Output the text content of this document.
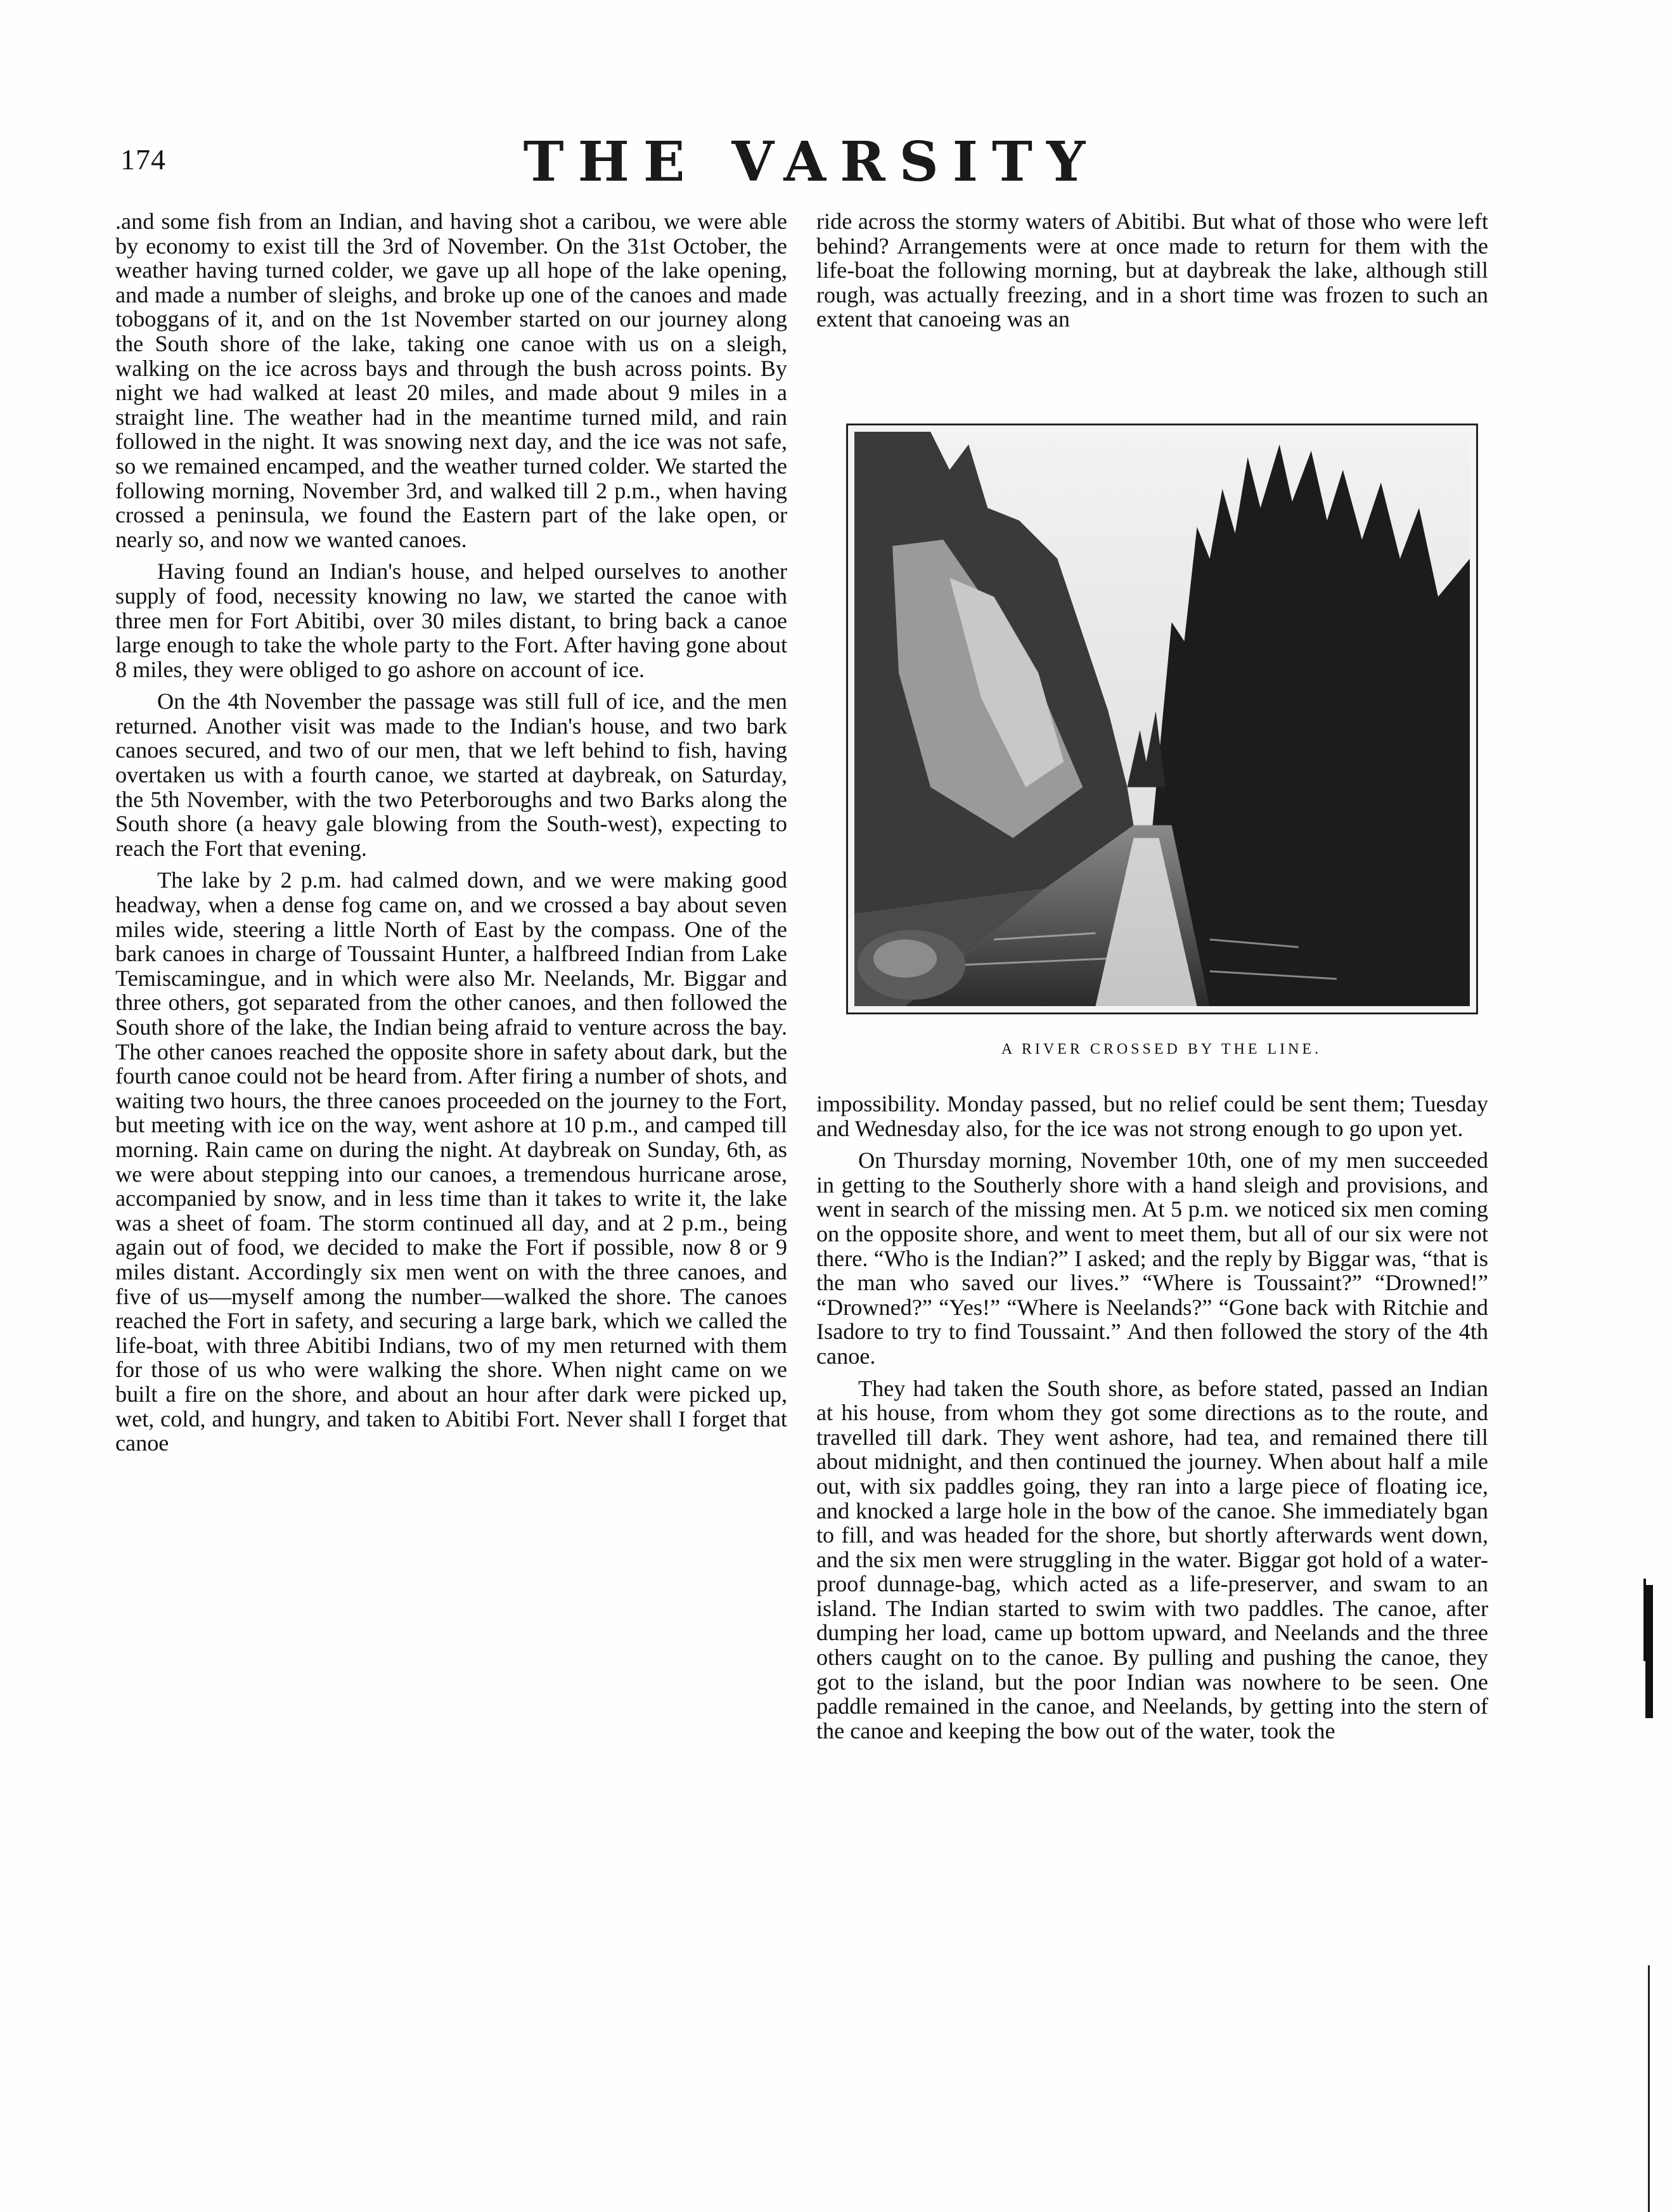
174	THE VARSITY

.and some fish from an Indian, and having shot a caribou, we were able by economy to exist till the 3rd of November. On the 31st October, the weather having turned colder, we gave up all hope of the lake opening, and made a number of sleighs, and broke up one of the canoes and made toboggans of it, and on the 1st November started on our journey along the South shore of the lake, taking one canoe with us on a sleigh, walking on the ice across bays and through the bush across points. By night we had walked at least 20 miles, and made about 9 miles in a straight line. The weather had in the meantime turned mild, and rain followed in the night. It was snowing next day, and the ice was not safe, so we remained encamped, and the weather turned colder. We started the following morning, November 3rd, and walked till 2 p.m., when having crossed a peninsula, we found the Eastern part of the lake open, or nearly so, and now we wanted canoes.

Having found an Indian's house, and helped ourselves to another supply of food, necessity knowing no law, we started the canoe with three men for Fort Abitibi, over 30 miles distant, to bring back a canoe large enough to take the whole party to the Fort. After having gone about 8 miles, they were obliged to go ashore on account of ice.

On the 4th November the passage was still full of ice, and the men returned. Another visit was made to the Indian's house, and two bark canoes secured, and two of our men, that we left behind to fish, having overtaken us with a fourth canoe, we started at daybreak, on Saturday, the 5th November, with the two Peterboroughs and two Barks along the South shore (a heavy gale blowing from the South-west), expecting to reach the Fort that evening.

The lake by 2 p.m. had calmed down, and we were making good headway, when a dense fog came on, and we crossed a bay about seven miles wide, steering a little North of East by the compass. One of the bark canoes in charge of Toussaint Hunter, a halfbreed Indian from Lake Temiscamingue, and in which were also Mr. Neelands, Mr. Biggar and three others, got separated from the other canoes, and then followed the South shore of the lake, the Indian being afraid to venture across the bay. The other canoes reached the opposite shore in safety about dark, but the fourth canoe could not be heard from. After firing a number of shots, and waiting two hours, the three canoes proceeded on the journey to the Fort, but meeting with ice on the way, went ashore at 10 p.m., and camped till morning. Rain came on during the night. At daybreak on Sunday, 6th, as we were about stepping into our canoes, a tremendous hurricane arose, accompanied by snow, and in less time than it takes to write it, the lake was a sheet of foam. The storm continued all day, and at 2 p.m., being again out of food, we decided to make the Fort if possible, now 8 or 9 miles distant. Accordingly six men went on with the three canoes, and five of us—myself among the number—walked the shore. The canoes reached the Fort in safety, and securing a large bark, which we called the life-boat, with three Abitibi Indians, two of my men returned with them for those of us who were walking the shore. When night came on we built a fire on the shore, and about an hour after dark were picked up, wet, cold, and hungry, and taken to Abitibi Fort. Never shall I forget that canoe

ride across the stormy waters of Abitibi. But what of those who were left behind? Arrangements were at once made to return for them with the life-boat the following morning, but at daybreak the lake, although still rough, was actually freezing, and in a short time was frozen to such an extent that canoeing was an

A RIVER CROSSED BY THE LINE.

impossibility. Monday passed, but no relief could be sent them; Tuesday and Wednesday also, for the ice was not strong enough to go upon yet.

On Thursday morning, November 10th, one of my men succeeded in getting to the Southerly shore with a hand sleigh and provisions, and went in search of the missing men. At 5 p.m. we noticed six men coming on the opposite shore, and went to meet them, but all of our six were not there. “Who is the Indian?” I asked; and the reply by Biggar was, “that is the man who saved our lives.” “Where is Toussaint?” “Drowned!” “Drowned?” “Yes!” “Where is Neelands?” “Gone back with Ritchie and Isadore to try to find Toussaint.” And then followed the story of the 4th canoe.

They had taken the South shore, as before stated, passed an Indian at his house, from whom they got some directions as to the route, and travelled till dark. They went ashore, had tea, and remained there till about midnight, and then continued the journey. When about half a mile out, with six paddles going, they ran into a large piece of floating ice, and knocked a large hole in the bow of the canoe. She immediately bgan to fill, and was headed for the shore, but shortly afterwards went down, and the six men were struggling in the water. Biggar got hold of a water-proof dunnage-bag, which acted as a life-preserver, and swam to an island. The Indian started to swim with two paddles. The canoe, after dumping her load, came up bottom upward, and Neelands and the three others caught on to the canoe. By pulling and pushing the canoe, they got to the island, but the poor Indian was nowhere to be seen. One paddle remained in the canoe, and Neelands, by getting into the stern of the canoe and keeping the bow out of the water, took the
